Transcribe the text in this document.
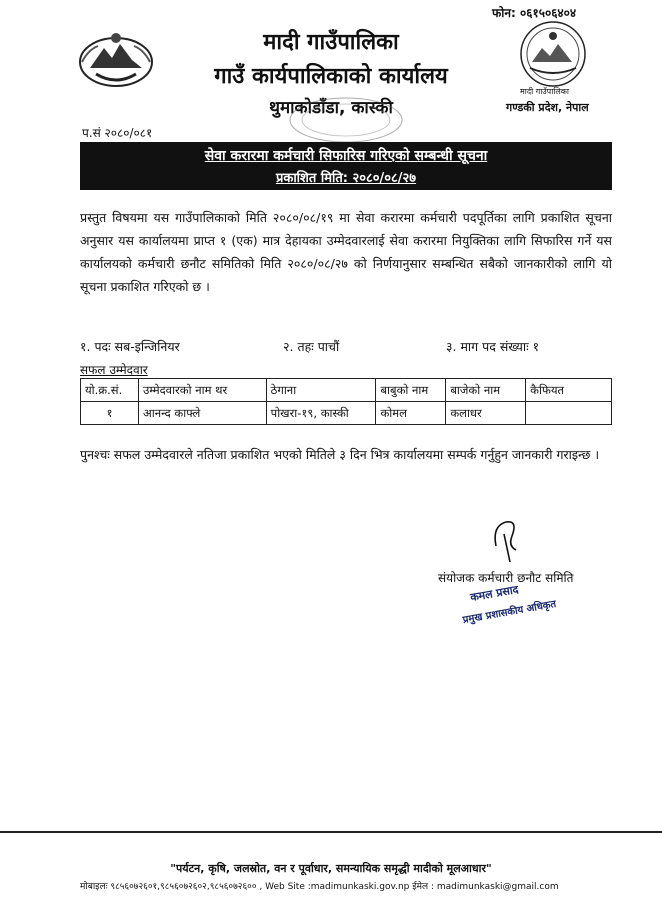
फोन: ०६१५०६४०४
मादी गाउँपालिका
मादी गाउँपालिका
गाउँ कार्यपालिकाको कार्यालय
थुमाकोडाँडा, कास्की	गण्डकी प्रदेश, नेपाल
प.सं २०८०/०८१
सेवा करारमा कर्मचारी सिफारिस गरिएको सम्बन्धी सूचना
प्रकाशित मिति: २०८०/०८/२७
प्रस्तुत विषयमा यस गाउँपालिकाको मिति २०८०/०८/१९ मा सेवा करारमा कर्मचारी पदपूर्तिका लागि प्रकाशित सूचना अनुसार यस कार्यालयमा प्राप्त १ (एक) मात्र देहायका उम्मेदवारलाई सेवा करारमा नियुक्तिका लागि सिफारिस गर्ने यस कार्यालयको कर्मचारी छनौट समितिको मिति २०८०/०८/२७ को निर्णयानुसार सम्बन्धित सबैको जानकारीको लागि यो सूचना प्रकाशित गरिएको छ ।
१. पदः सब-इन्जिनियर	२. तहः पाचौं	३. माग पद संख्याः १
सफल उम्मेदवार
यो.क्र.सं.	उम्मेदवारको नाम थर	ठेगाना	बाबुको नाम	बाजेको नाम	कैफियत
१	आनन्द काफ्ले	पोखरा-१९, कास्की	कोमल	कलाधर	
पुनश्चः सफल उम्मेदवारले नतिजा प्रकाशित भएको मितिले ३ दिन भित्र कार्यालयमा सम्पर्क गर्नुहुन जानकारी गराइन्छ ।
संयोजक कर्मचारी छनौट समिति
कमल प्रसाद
प्रमुख प्रशासकीय अधिकृत
"पर्यटन, कृषि, जलस्रोत, वन र पूर्वाधार, समन्यायिक समृद्धी मादीको मूलआधार"
मोबाइलः ९८५६०७२६०१,९८५६०७२६०२,९८५६०७२६०० , Web Site :madimunkaski.gov.np ईमेल : madimunkaski@gmail.com
